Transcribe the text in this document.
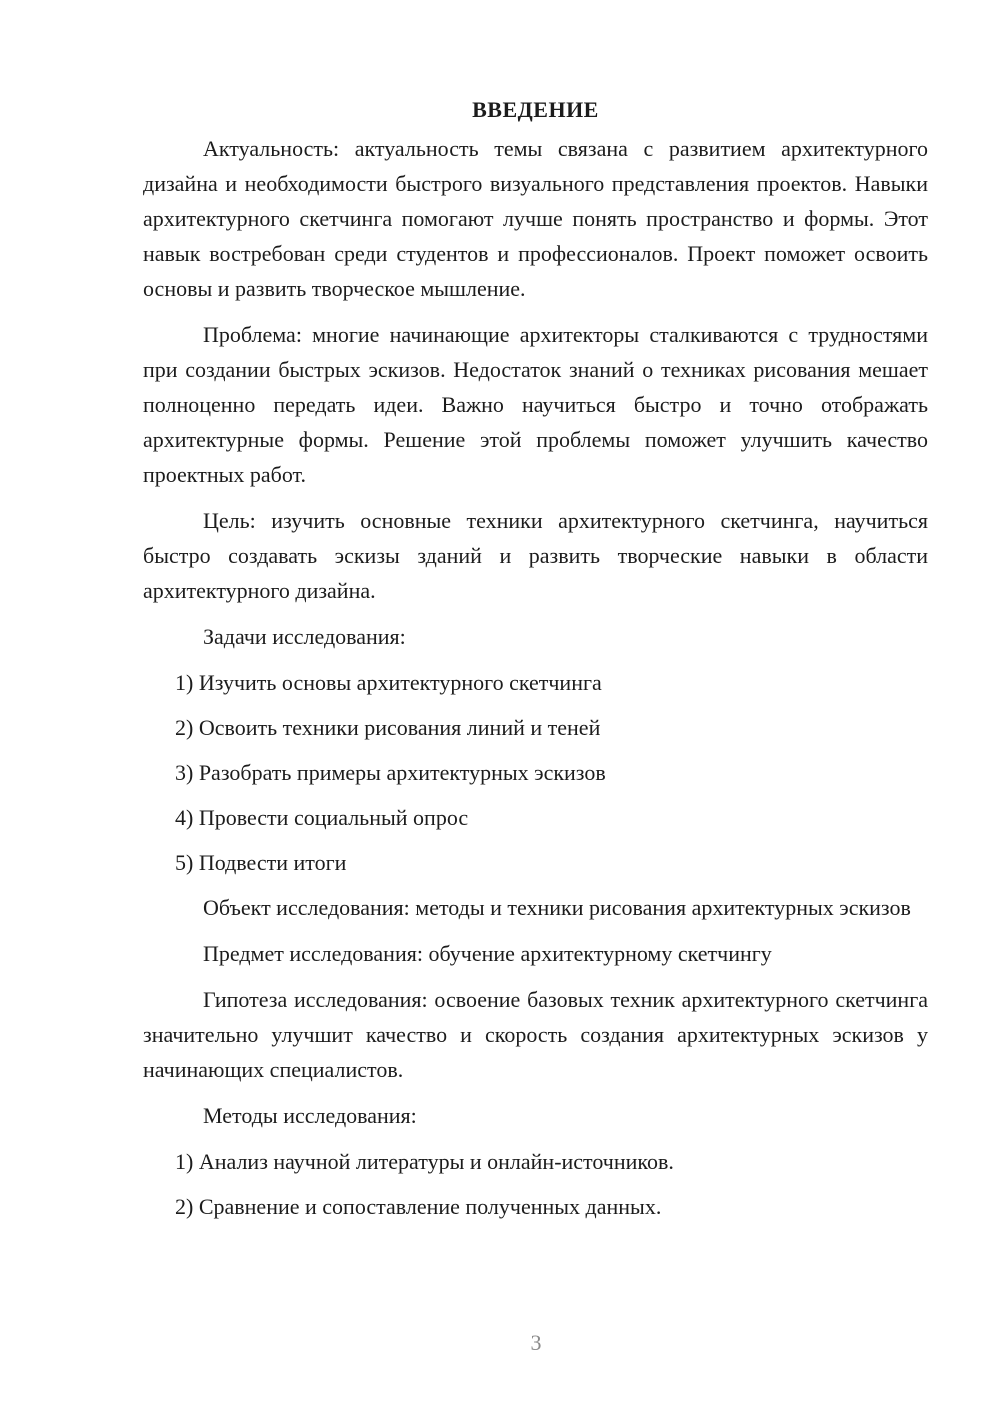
ВВЕДЕНИЕ

Актуальность: актуальность темы связана с развитием архитектурного дизайна и необходимости быстрого визуального представления проектов. Навыки архитектурного скетчинга помогают лучше понять пространство и формы. Этот навык востребован среди студентов и профессионалов. Проект поможет освоить основы и развить творческое мышление.

Проблема: многие начинающие архитекторы сталкиваются с трудностями при создании быстрых эскизов. Недостаток знаний о техниках рисования мешает полноценно передать идеи. Важно научиться быстро и точно отображать архитектурные формы. Решение этой проблемы поможет улучшить качество проектных работ.

Цель: изучить основные техники архитектурного скетчинга, научиться быстро создавать эскизы зданий и развить творческие навыки в области архитектурного дизайна.

Задачи исследования:

1) Изучить основы архитектурного скетчинга
2) Освоить техники рисования линий и теней
3) Разобрать примеры архитектурных эскизов
4) Провести социальный опрос
5) Подвести итоги

Объект исследования: методы и техники рисования архитектурных эскизов

Предмет исследования: обучение архитектурному скетчингу

Гипотеза исследования: освоение базовых техник архитектурного скетчинга значительно улучшит качество и скорость создания архитектурных эскизов у начинающих специалистов.

Методы исследования:

1) Анализ научной литературы и онлайн-источников.
2) Сравнение и сопоставление полученных данных.
3
